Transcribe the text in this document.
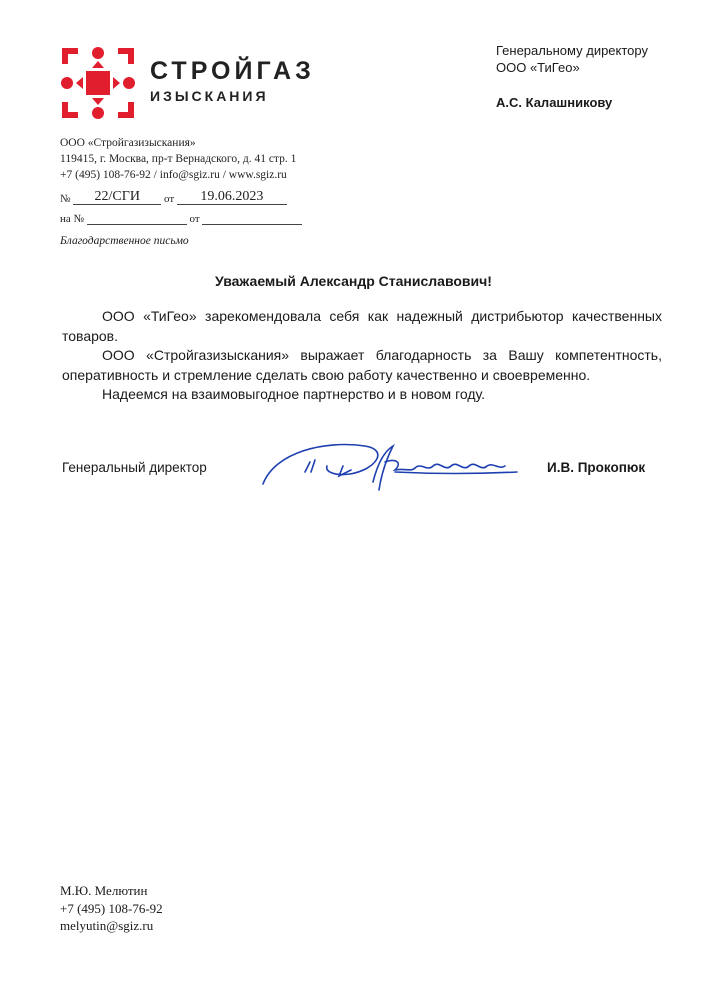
СТРОЙГАЗ
ИЗЫСКАНИЯ
Генеральному директору
ООО «ТиГео»
А.С. Калашникову
ООО «Стройгазизыскания»
119415, г. Москва, пр-т Вернадского, д. 41 стр. 1
+7 (495) 108-76-92 / info@sgiz.ru / www.sgiz.ru
№ 22/СГИ от 19.06.2023
на №	от
Благодарственное письмо
Уважаемый Александр Станиславович!

ООО «ТиГео» зарекомендовала себя как надежный дистрибьютор качественных товаров.

ООО «Стройгазизыскания» выражает благодарность за Вашу компетентность, оперативность и стремление сделать свою работу качественно и своевременно.

Надеемся на взаимовыгодное партнерство и в новом году.

Генеральный директор	И.В. Прокопюк
М.Ю. Мелютин
+7 (495) 108-76-92
melyutin@sgiz.ru
